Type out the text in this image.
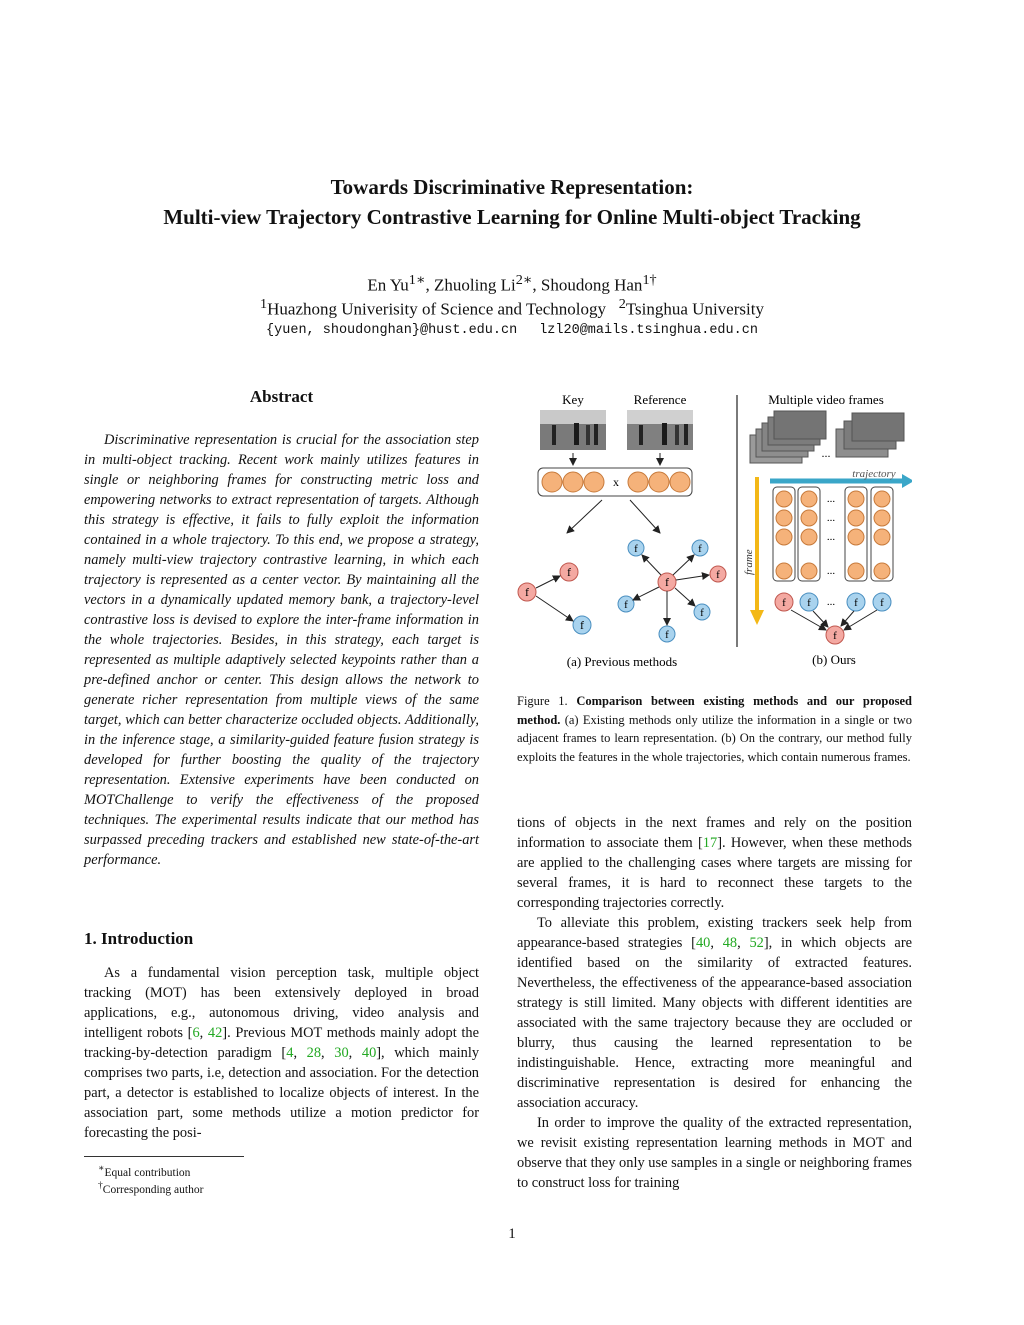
Towards Discriminative Representation:
Multi-view Trajectory Contrastive Learning for Online Multi-object Tracking
En $Yu^{1∗}$, Zhuoling $Li^{2∗}$, Shoudong Han$^{1\dagger}$
$^1$Huazhong Univerisity of Science and Technology $^2$Tsinghua University
{yuen, shoudonghan}@hust.edu.cn lzl20@mails.tsinghua.edu.cn
Abstract

Discriminative representation is crucial for the association step in multi-object tracking. Recent work mainly utilizes features in single or neighboring frames for constructing metric loss and empowering networks to extract representation of targets. Although this strategy is effective, it fails to fully exploit the information contained in a whole trajectory. To this end, we propose a strategy, namely multi-view trajectory contrastive learning, in which each trajectory is represented as a center vector. By maintaining all the vectors in a dynamically updated memory bank, a trajectory-level contrastive loss is devised to explore the inter-frame information in the whole trajectories. Besides, in this strategy, each target is represented as multiple adaptively selected keypoints rather than a pre-defined anchor or center. This design allows the network to generate richer representation from multiple views of the same target, which can better characterize occluded objects. Additionally, in the inference stage, a similarity-guided feature fusion strategy is developed for further boosting the quality of the trajectory representation. Extensive experiments have been conducted on MOTChallenge to verify the effectiveness of the proposed techniques. The experimental results indicate that our method has surpassed preceding trackers and established new state-of-the-art performance.

1. Introduction

As a fundamental vision perception task, multiple object tracking (MOT) has been extensively deployed in broad applications, e.g., autonomous driving, video analysis and intelligent robots [6, 42]. Previous MOT methods mainly adopt the tracking-by-detection paradigm [4, 28, 30, 40], which mainly comprises two parts, i.e, detection and association. For the detection part, a detector is established to localize objects of interest. In the association part, some methods utilize a motion predictor for forecasting the posi-

∗Equal contribution
†Corresponding author
Key	Reference
x
f
f
f
f
f	f
f
f
f
f
(a) Previous methods
Multiple video frames
...
trajectory
frame
...
...
...
...
f f ... f f
f
(b) Ours
Figure 1. Comparison between existing methods and our proposed method. (a) Existing methods only utilize the information in a single or two adjacent frames to learn representation. (b) On the contrary, our method fully exploits the features in the whole trajectories, which contain numerous frames.

tions of objects in the next frames and rely on the position information to associate them [17]. However, when these methods are applied to the challenging cases where targets are missing for several frames, it is hard to reconnect these targets to the corresponding trajectories correctly.

To alleviate this problem, existing trackers seek help from appearance-based strategies [40, 48, 52], in which objects are identified based on the similarity of extracted features. Nevertheless, the effectiveness of the appearance-based association strategy is still limited. Many objects with different identities are associated with the same trajectory because they are occluded or blurry, thus causing the learned representation to be indistinguishable. Hence, extracting more meaningful and discriminative representation is desired for enhancing the association accuracy.

In order to improve the quality of the extracted representation, we revisit existing representation learning methods in MOT and observe that they only use samples in a single or neighboring frames to construct loss for training

1
